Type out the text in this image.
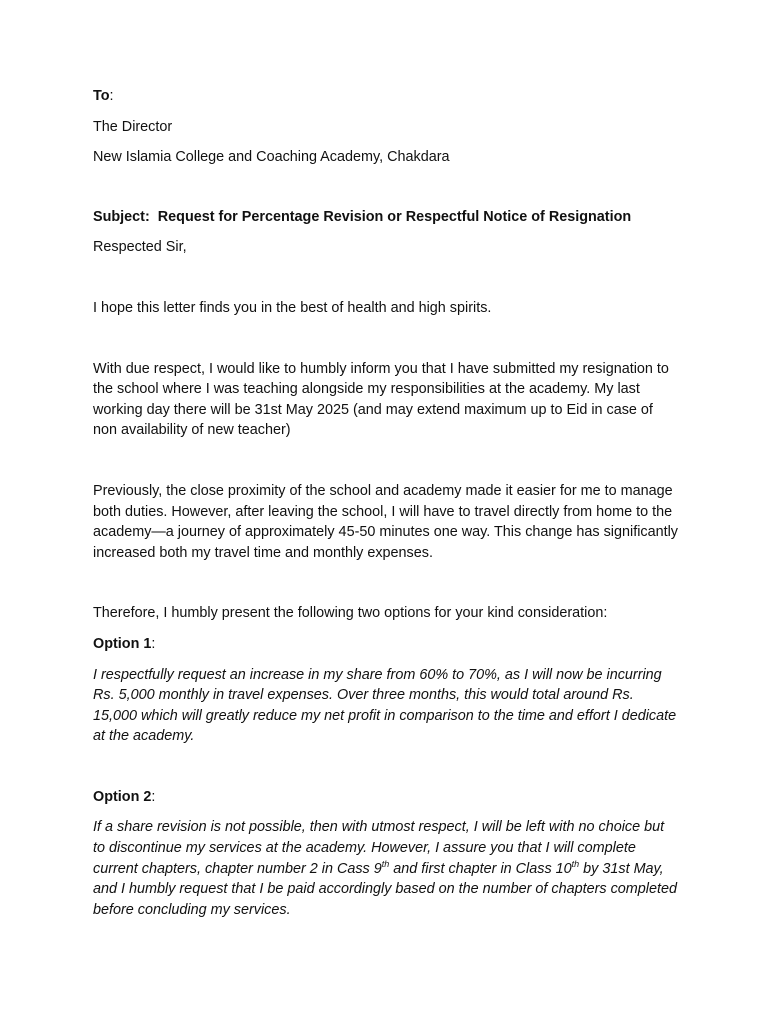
To:

The Director

New Islamia College and Coaching Academy, Chakdara

Subject: Request for Percentage Revision or Respectful Notice of Resignation

Respected Sir,

I hope this letter finds you in the best of health and high spirits.

With due respect, I would like to humbly inform you that I have submitted my resignation to the school where I was teaching alongside my responsibilities at the academy. My last working day there will be 31st May 2025 (and may extend maximum up to Eid in case of non availability of new teacher)

Previously, the close proximity of the school and academy made it easier for me to manage both duties. However, after leaving the school, I will have to travel directly from home to the academy—a journey of approximately 45-50 minutes one way. This change has significantly increased both my travel time and monthly expenses.

Therefore, I humbly present the following two options for your kind consideration:

Option 1:

I respectfully request an increase in my share from 60% to 70%, as I will now be incurring Rs. 5,000 monthly in travel expenses. Over three months, this would total around Rs. 15,000 which will greatly reduce my net profit in comparison to the time and effort I dedicate at the academy.

Option 2:

If a share revision is not possible, then with utmost respect, I will be left with no choice but to discontinue my services at the academy. However, I assure you that I will complete current chapters, chapter number 2 in Cass 9th and first chapter in Class 10th by 31st May, and I humbly request that I be paid accordingly based on the number of chapters completed before concluding my services.
